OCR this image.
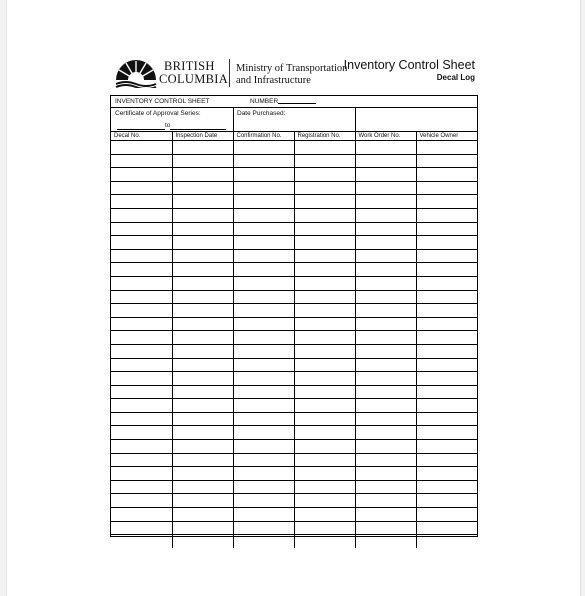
BRITISH
COLUMBIA
Ministry of Transportation
and Infrastructure
Inventory Control Sheet
Decal Log
INVENTORY CONTROL SHEET	NUMBER
Certificate of Approval Series:
to
Date Purchased:
Decal No.	Inspection Date	Confirmation No.	Registration No.	Work Order No.	Vehicle Owner
